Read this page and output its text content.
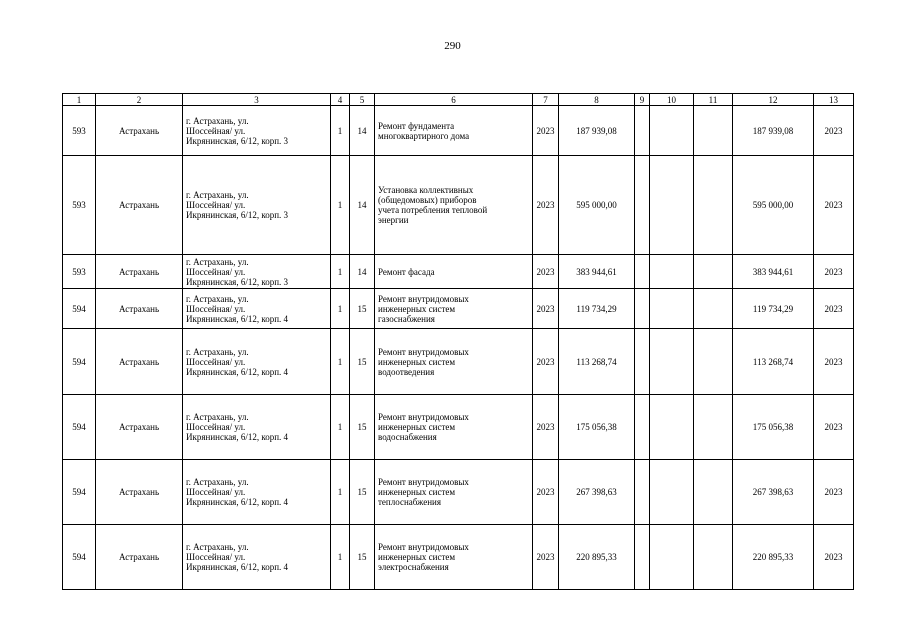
290
1	2	3	4	5	6	7	8	9	10	11	12	13
593	Астрахань	г. Астрахань, ул.
Шоссейная/ ул.
Икрянинская, 6/12, корп. 3	1	14	Ремонт фундамента
многоквартирного дома	2023	187 939,08				187 939,08	2023
593	Астрахань	г. Астрахань, ул.
Шоссейная/ ул.
Икрянинская, 6/12, корп. 3	1	14	Установка коллективных
(общедомовых) приборов
учета потребления тепловой
энергии	2023	595 000,00				595 000,00	2023
593	Астрахань	г. Астрахань, ул.
Шоссейная/ ул.
Икрянинская, 6/12, корп. 3	1	14	Ремонт фасада	2023	383 944,61				383 944,61	2023
594	Астрахань	г. Астрахань, ул.
Шоссейная/ ул.
Икрянинская, 6/12, корп. 4	1	15	Ремонт внутридомовых
инженерных систем
газоснабжения	2023	119 734,29				119 734,29	2023
594	Астрахань	г. Астрахань, ул.
Шоссейная/ ул.
Икрянинская, 6/12, корп. 4	1	15	Ремонт внутридомовых
инженерных систем
водоотведения	2023	113 268,74				113 268,74	2023
594	Астрахань	г. Астрахань, ул.
Шоссейная/ ул.
Икрянинская, 6/12, корп. 4	1	15	Ремонт внутридомовых
инженерных систем
водоснабжения	2023	175 056,38				175 056,38	2023
594	Астрахань	г. Астрахань, ул.
Шоссейная/ ул.
Икрянинская, 6/12, корп. 4	1	15	Ремонт внутридомовых
инженерных систем
теплоснабжения	2023	267 398,63				267 398,63	2023
594	Астрахань	г. Астрахань, ул.
Шоссейная/ ул.
Икрянинская, 6/12, корп. 4	1	15	Ремонт внутридомовых
инженерных систем
электроснабжения	2023	220 895,33				220 895,33	2023
